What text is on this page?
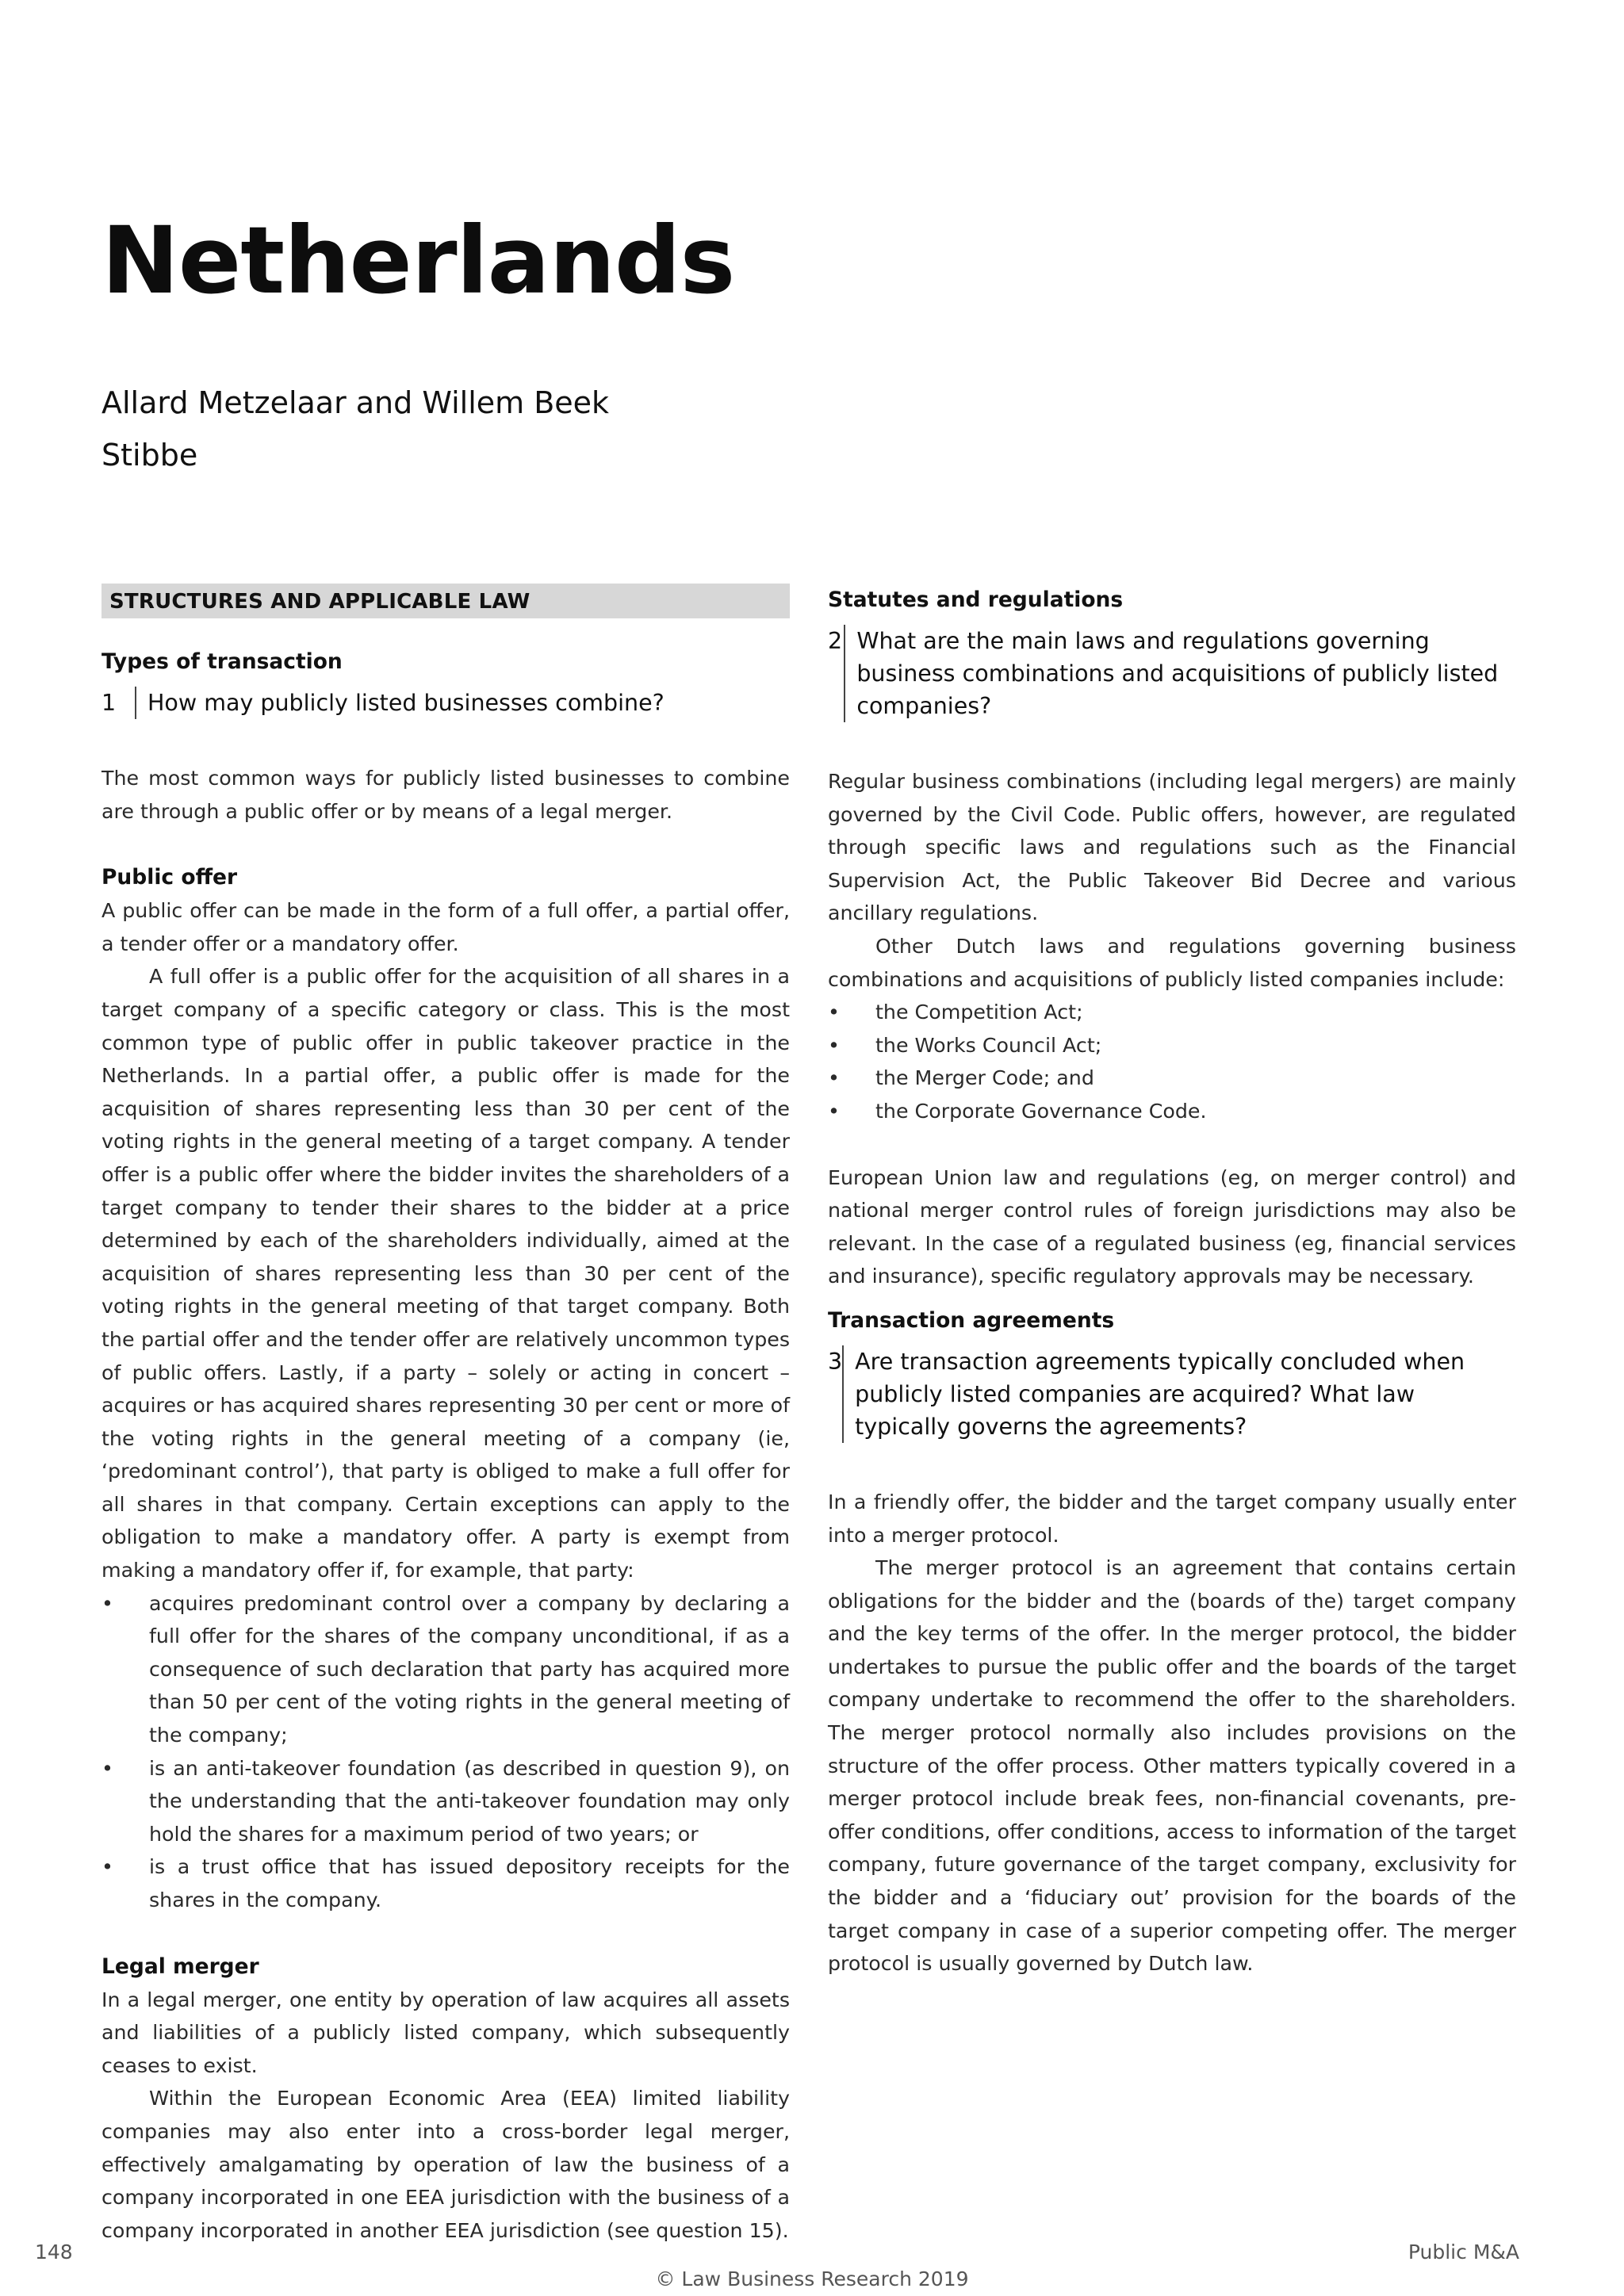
Netherlands
Allard Metzelaar and Willem Beek
Stibbe
STRUCTURES AND APPLICABLE LAW
Types of transaction
1	How may publicly listed businesses combine?

The most common ways for publicly listed businesses to combine are through a public offer or by means of a legal merger.

Public offer

A public offer can be made in the form of a full offer, a partial offer, a tender offer or a mandatory offer.

A full offer is a public offer for the acquisition of all shares in a target company of a specific category or class. This is the most common type of public offer in public takeover practice in the Netherlands. In a partial offer, a public offer is made for the acquisition of shares representing less than 30 per cent of the voting rights in the general meeting of a target company. A tender offer is a public offer where the bidder invites the shareholders of a target company to tender their shares to the bidder at a price determined by each of the shareholders individually, aimed at the acquisition of shares representing less than 30 per cent of the voting rights in the general meeting of that target company. Both the partial offer and the tender offer are relatively uncommon types of public offers. Lastly, if a party – solely or acting in concert – acquires or has acquired shares representing 30 per cent or more of the voting rights in the general meeting of a company (ie, ‘predominant control’), that party is obliged to make a full offer for all shares in that company. Certain exceptions can apply to the obligation to make a mandatory offer. A party is exempt from making a mandatory offer if, for example, that party:

• acquires predominant control over a company by declaring a full offer for the shares of the company unconditional, if as a consequence of such declaration that party has acquired more than 50 per cent of the voting rights in the general meeting of the company;
• is an anti-takeover foundation (as described in question 9), on the understanding that the anti-takeover foundation may only hold the shares for a maximum period of two years; or
• is a trust office that has issued depository receipts for the shares in the company.
Legal merger

In a legal merger, one entity by operation of law acquires all assets and liabilities of a publicly listed company, which subsequently ceases to exist.

Within the European Economic Area (EEA) limited liability companies may also enter into a cross-border legal merger, effectively amalgamating by operation of law the business of a company incorporated in one EEA jurisdiction with the business of a company incorporated in another EEA jurisdiction (see question 15).

Statutes and regulations
2 What are the main laws and regulations governing business combinations and acquisitions of publicly listed companies?

Regular business combinations (including legal mergers) are mainly governed by the Civil Code. Public offers, however, are regulated through specific laws and regulations such as the Financial Supervision Act, the Public Takeover Bid Decree and various ancillary regulations.

Other Dutch laws and regulations governing business combinations and acquisitions of publicly listed companies include:

• the Competition Act;
• the Works Council Act;
• the Merger Code; and
• the Corporate Governance Code.

European Union law and regulations (eg, on merger control) and national merger control rules of foreign jurisdictions may also be relevant. In the case of a regulated business (eg, financial services and insurance), specific regulatory approvals may be necessary.

Transaction agreements
3 Are transaction agreements typically concluded when publicly listed companies are acquired? What law typically governs the agreements?

In a friendly offer, the bidder and the target company usually enter into a merger protocol.

The merger protocol is an agreement that contains certain obligations for the bidder and the (boards of the) target company and the key terms of the offer. In the merger protocol, the bidder undertakes to pursue the public offer and the boards of the target company undertake to recommend the offer to the shareholders. The merger protocol normally also includes provisions on the structure of the offer process. Other matters typically covered in a merger protocol include break fees, non-financial covenants, pre-offer conditions, offer conditions, access to information of the target company, future governance of the target company, exclusivity for the bidder and a ‘fiduciary out’ provision for the boards of the target company in case of a superior competing offer. The merger protocol is usually governed by Dutch law.

148	Public M&A
© Law Business Research 2019
